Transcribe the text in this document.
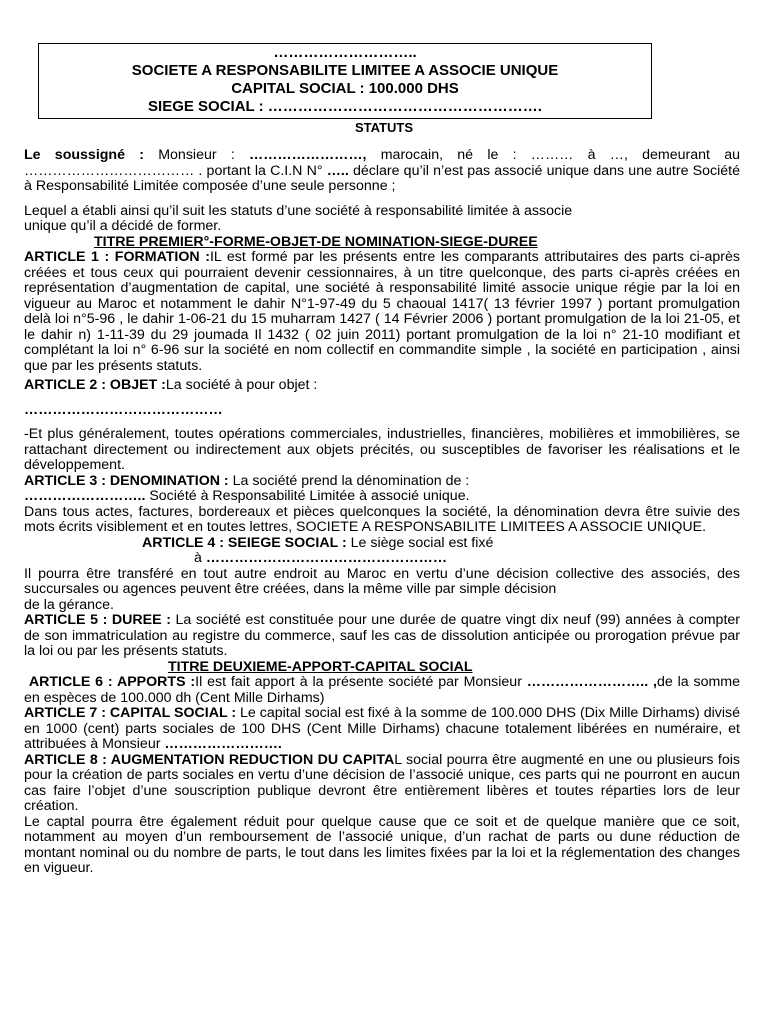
………………………..
SOCIETE A RESPONSABILITE LIMITEE A ASSOCIE UNIQUE
CAPITAL SOCIAL : 100.000 DHS
SIEGE SOCIAL : ……………………………………………….
STATUTS

Le soussigné : Monsieur : ……………………, marocain, né le : ……… à …, demeurant au ……………………………… . portant la C.I.N N° ….. déclare qu’il n’est pas associé unique dans une autre Société à Responsabilité Limitée composée d’une seule personne ;

Lequel a établi ainsi qu’il suit les statuts d’une société à responsabilité limitée à associe

unique qu’il a décidé de former.

TITRE PREMIER°-FORME-OBJET-DE NOMINATION-SIEGE-DUREE

ARTICLE 1 : FORMATION :IL est formé par les présents entre les comparants attributaires des parts ci-après créées et tous ceux qui pourraient devenir cessionnaires, à un titre quelconque, des parts ci-après créées en représentation d’augmentation de capital, une société à responsabilité limité associe unique régie par la loi en vigueur au Maroc et notamment le dahir N°1-97-49 du 5 chaoual 1417( 13 février 1997 ) portant promulgation delà loi n°5-96 , le dahir 1-06-21 du 15 muharram 1427 ( 14 Février 2006 ) portant promulgation de la loi 21-05, et le dahir n) 1-11-39 du 29 joumada Il 1432 ( 02 juin 2011) portant promulgation de la loi n° 21-10 modifiant et complétant la loi n° 6-96 sur la société en nom collectif en commandite simple , la société en participation , ainsi que par les présents statuts.

ARTICLE 2 : OBJET :La société à pour objet :

……………………………………

-Et plus généralement, toutes opérations commerciales, industrielles, financières, mobilières et immobilières, se rattachant directement ou indirectement aux objets précités, ou susceptibles de favoriser les réalisations et le développement.

ARTICLE 3 : DENOMINATION : La société prend la dénomination de :

…………………….. Société à Responsabilité Limitée à associé unique.

Dans tous actes, factures, bordereaux et pièces quelconques la société, la dénomination devra être suivie des mots écrits visiblement et en toutes lettres, SOCIETE A RESPONSABILITE LIMITEES A ASSOCIE UNIQUE.

ARTICLE 4 : SEIEGE SOCIAL : Le siège social est fixé

à ……………………………………………

Il pourra être transféré en tout autre endroit au Maroc en vertu d’une décision collective des associés, des succursales ou agences peuvent être créées, dans la même ville par simple décision

de la gérance.

ARTICLE 5 : DUREE : La société est constituée pour une durée de quatre vingt dix neuf (99) années à compter de son immatriculation au registre du commerce, sauf les cas de dissolution anticipée ou prorogation prévue par la loi ou par les présents statuts.

TITRE DEUXIEME-APPORT-CAPITAL SOCIAL

ARTICLE 6 : APPORTS :Il est fait apport à la présente société par Monsieur …………………….. ,de la somme en espèces de 100.000 dh (Cent Mille Dirhams)

ARTICLE 7 : CAPITAL SOCIAL : Le capital social est fixé à la somme de 100.000 DHS (Dix Mille Dirhams) divisé en 1000 (cent) parts sociales de 100 DHS (Cent Mille Dirhams) chacune totalement libérées en numéraire, et attribuées à Monsieur …………………….

ARTICLE 8 : AUGMENTATION REDUCTION DU CAPITAL social pourra être augmenté en une ou plusieurs fois pour la création de parts sociales en vertu d’une décision de l’associé unique, ces parts qui ne pourront en aucun cas faire l’objet d’une souscription publique devront être entièrement libères et toutes réparties lors de leur création.

Le captal pourra être également réduit pour quelque cause que ce soit et de quelque manière que ce soit, notamment au moyen d’un remboursement de l’associé unique, d’un rachat de parts ou dune réduction de montant nominal ou du nombre de parts, le tout dans les limites fixées par la loi et la réglementation des changes en vigueur.
